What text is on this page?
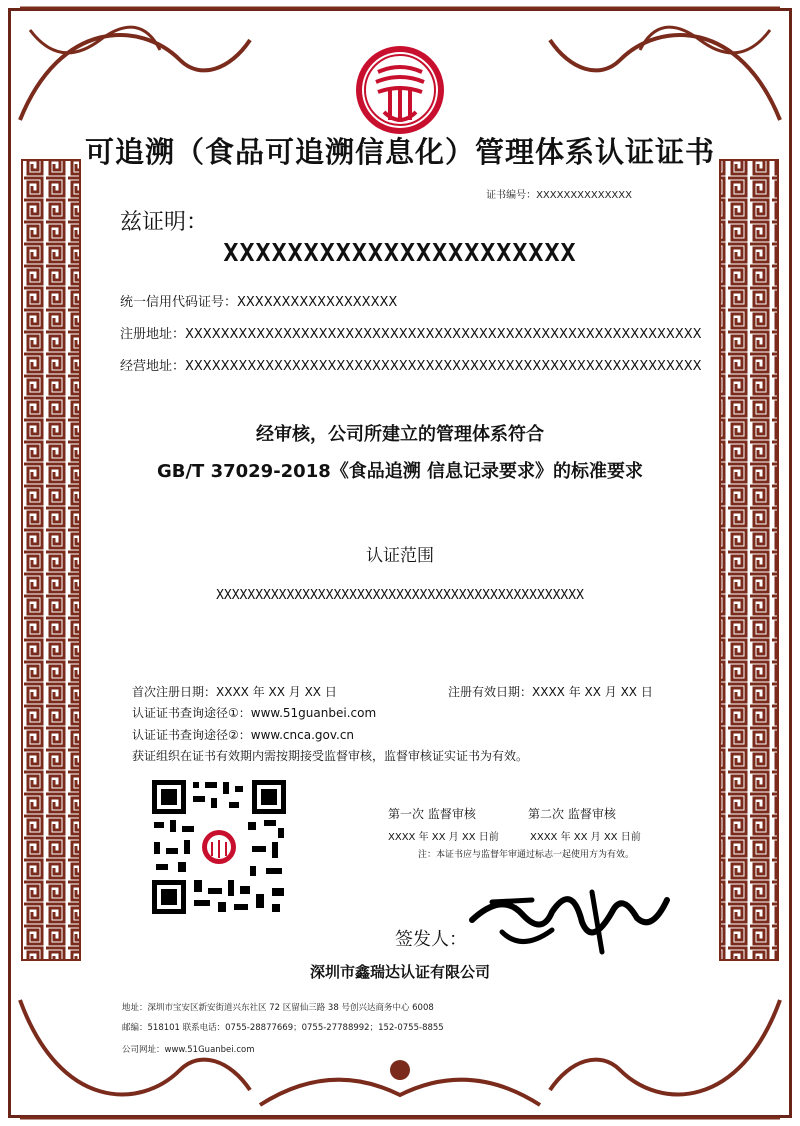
可追溯（食品可追溯信息化）管理体系认证证书
证书编号：XXXXXXXXXXXXXX
兹证明：
XXXXXXXXXXXXXXXXXXXXXX
统一信用代码证号：XXXXXXXXXXXXXXXXXX
注册地址：XXXXXXXXXXXXXXXXXXXXXXXXXXXXXXXXXXXXXXXXXXXXXXXXXXXXXXXXXX
经营地址：XXXXXXXXXXXXXXXXXXXXXXXXXXXXXXXXXXXXXXXXXXXXXXXXXXXXXXXXXX
经审核，公司所建立的管理体系符合
GB/T 37029-2018《食品追溯 信息记录要求》的标准要求
认证范围
XXXXXXXXXXXXXXXXXXXXXXXXXXXXXXXXXXXXXXXXXXXXXXX
首次注册日期：XXXX 年 XX 月 XX 日	注册有效日期：XXXX 年 XX 月 XX 日
认证证书查询途径①：www.51guanbei.com
认证证书查询途径②：www.cnca.gov.cn
获证组织在证书有效期内需按期接受监督审核，监督审核证实证书为有效。
第一次 监督审核	第二次 监督审核
XXXX 年 XX 月 XX 日前	XXXX 年 XX 月 XX 日前
注：本证书应与监督年审通过标志一起使用方为有效。
签发人：
深圳市鑫瑞达认证有限公司
地址：深圳市宝安区新安街道兴东社区 72 区留仙三路 38 号创兴达商务中心 6008
邮编：518101 联系电话：0755-28877669；0755-27788992；152-0755-8855
公司网址：www.51Guanbei.com
